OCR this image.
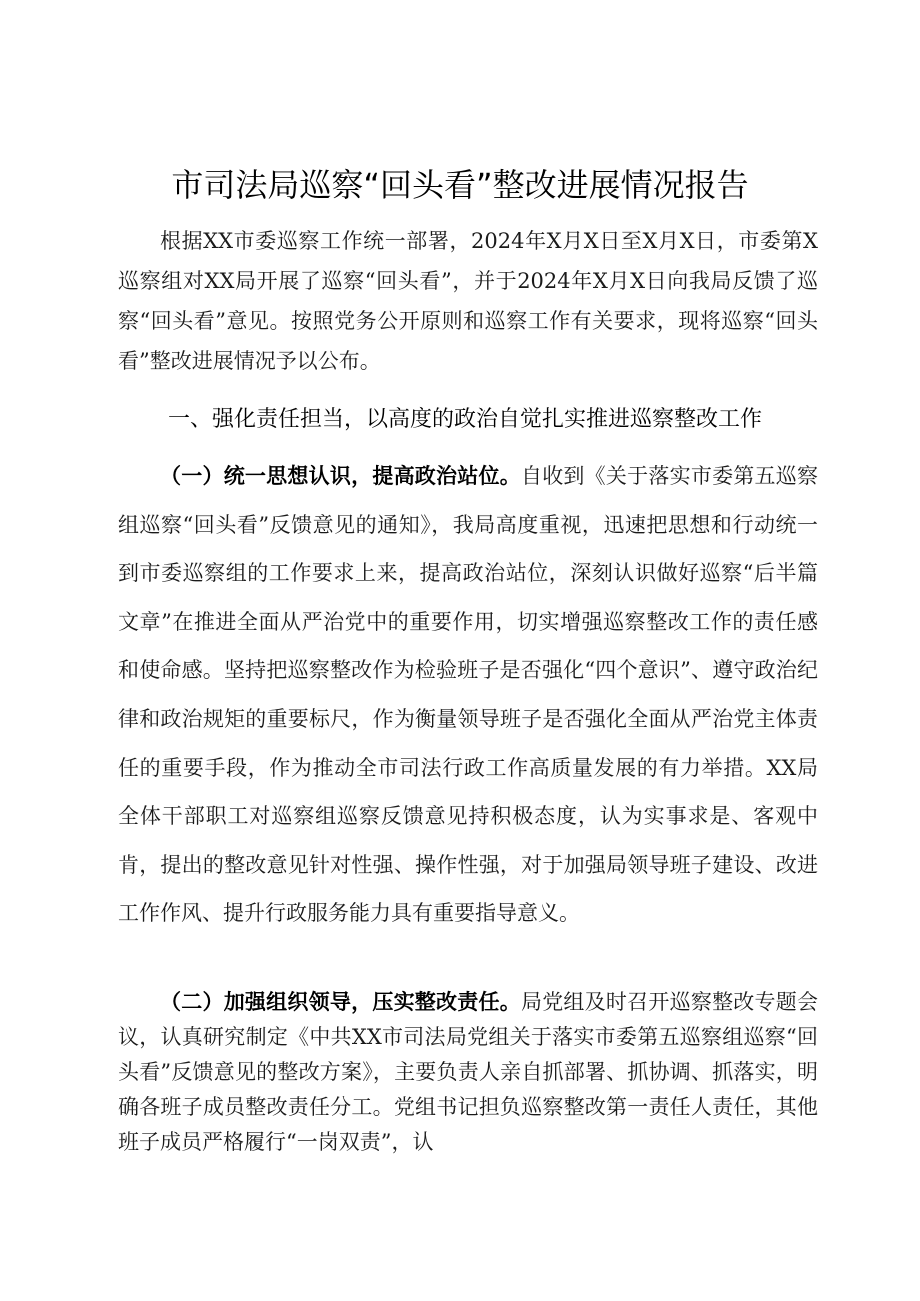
市司法局巡察“回头看”整改进展情况报告

根据XX市委巡察工作统一部署，2024年X月X日至X月X日，市委第X巡察组对XX局开展了巡察“回头看”，并于2024年X月X日向我局反馈了巡察“回头看”意见。按照党务公开原则和巡察工作有关要求，现将巡察“回头看”整改进展情况予以公布。

一、强化责任担当，以高度的政治自觉扎实推进巡察整改工作

（一）统一思想认识，提高政治站位。自收到《关于落实市委第五巡察组巡察“回头看”反馈意见的通知》，我局高度重视，迅速把思想和行动统一到市委巡察组的工作要求上来，提高政治站位，深刻认识做好巡察“后半篇文章”在推进全面从严治党中的重要作用，切实增强巡察整改工作的责任感和使命感。坚持把巡察整改作为检验班子是否强化“四个意识”、遵守政治纪律和政治规矩的重要标尺，作为衡量领导班子是否强化全面从严治党主体责任的重要手段，作为推动全市司法行政工作高质量发展的有力举措。XX局全体干部职工对巡察组巡察反馈意见持积极态度，认为实事求是、客观中肯，提出的整改意见针对性强、操作性强，对于加强局领导班子建设、改进工作作风、提升行政服务能力具有重要指导意义。

（二）加强组织领导，压实整改责任。局党组及时召开巡察整改专题会议，认真研究制定《中共XX市司法局党组关于落实市委第五巡察组巡察“回头看”反馈意见的整改方案》，主要负责人亲自抓部署、抓协调、抓落实，明确各班子成员整改责任分工。党组书记担负巡察整改第一责任人责任，其他班子成员严格履行“一岗双责”，认
